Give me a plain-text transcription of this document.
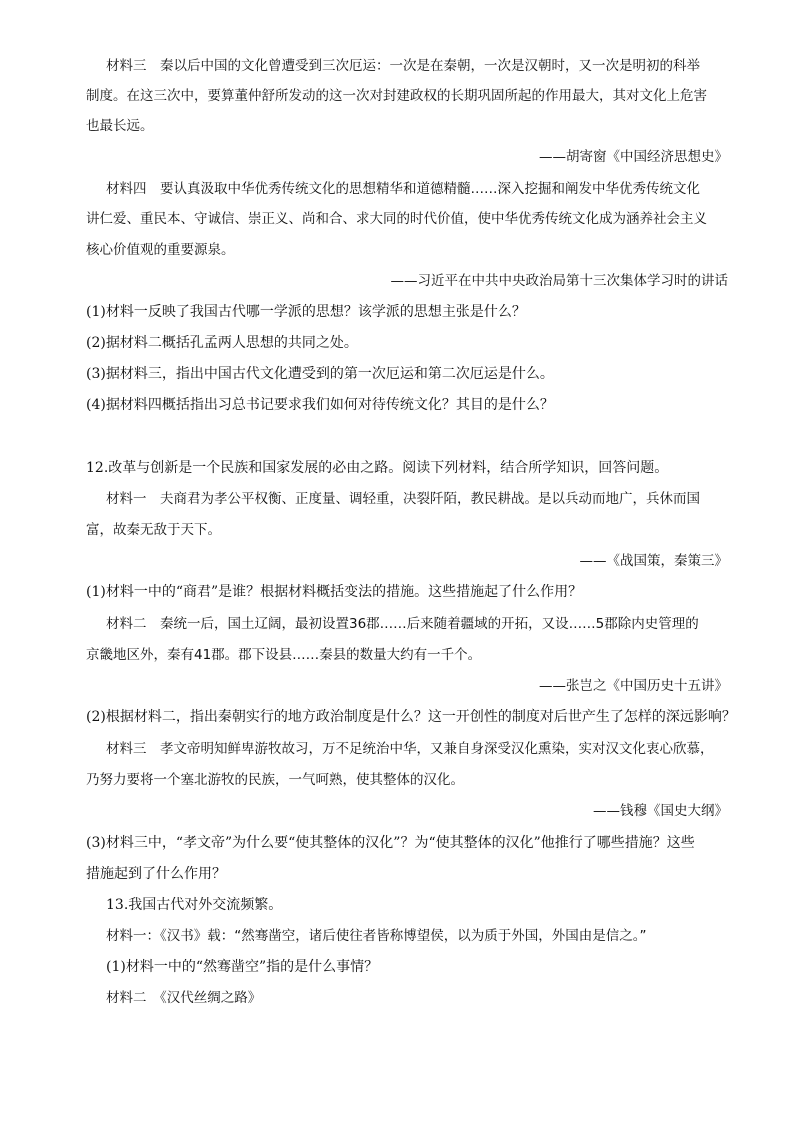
材料三　秦以后中国的文化曾遭受到三次厄运：一次是在秦朝，一次是汉朝时，又一次是明初的科举
制度。在这三次中，要算董仲舒所发动的这一次对封建政权的长期巩固所起的作用最大，其对文化上危害
也最长远。
——胡寄窗《中国经济思想史》
材料四　要认真汲取中华优秀传统文化的思想精华和道德精髓……深入挖掘和阐发中华优秀传统文化
讲仁爱、重民本、守诚信、崇正义、尚和合、求大同的时代价值，使中华优秀传统文化成为涵养社会主义
核心价值观的重要源泉。
——习近平在中共中央政治局第十三次集体学习时的讲话
(1)材料一反映了我国古代哪一学派的思想？该学派的思想主张是什么？
(2)据材料二概括孔孟两人思想的共同之处。
(3)据材料三，指出中国古代文化遭受到的第一次厄运和第二次厄运是什么。
(4)据材料四概括指出习总书记要求我们如何对待传统文化？其目的是什么？
12.改革与创新是一个民族和国家发展的必由之路。阅读下列材料，结合所学知识，回答问题。
材料一　夫商君为孝公平权衡、正度量、调轻重，决裂阡陌，教民耕战。是以兵动而地广，兵休而国
富，故秦无敌于天下。
——《战国策，秦策三》
(1)材料一中的“商君”是谁？根据材料概括变法的措施。这些措施起了什么作用？
材料二　秦统一后，国土辽阔，最初设置36郡……后来随着疆域的开拓，又设……5郡除内史管理的
京畿地区外，秦有41郡。郡下设县……秦县的数量大约有一千个。
——张岂之《中国历史十五讲》
(2)根据材料二，指出秦朝实行的地方政治制度是什么？这一开创性的制度对后世产生了怎样的深远影响？
材料三　孝文帝明知鲜卑游牧故习，万不足统治中华，又兼自身深受汉化熏染，实对汉文化衷心欣慕，
乃努力要将一个塞北游牧的民族，一气呵熟，使其整体的汉化。
——钱穆《国史大纲》
(3)材料三中，“孝文帝”为什么要“使其整体的汉化”？为“使其整体的汉化”他推行了哪些措施？这些
措施起到了什么作用？
13.我国古代对外交流频繁。
材料一：《汉书》载：“然骞凿空，诸后使往者皆称博望侯，以为质于外国，外国由是信之。”
(1)材料一中的“然骞凿空”指的是什么事情？
材料二　《汉代丝绸之路》
